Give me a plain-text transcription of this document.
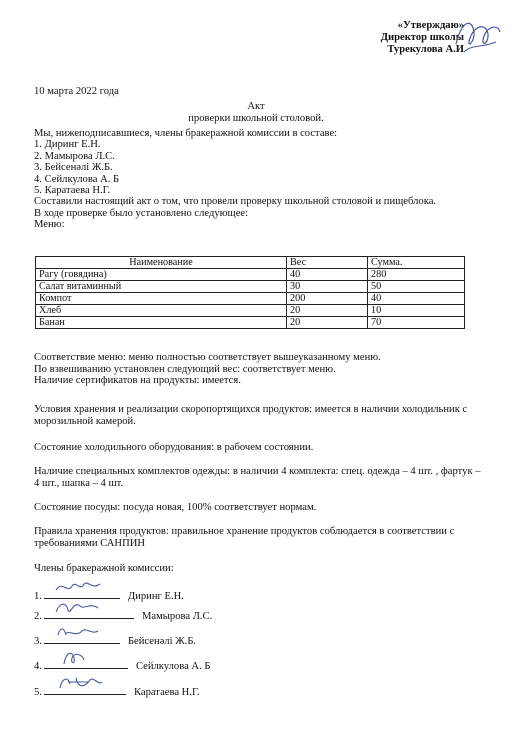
«Утверждаю»
Директор школы
Турекулова А.И
10 марта 2022 года
Акт
проверки школьной столовой.
Мы, нижеподписавшиеся, члены бракеражной комиссии в составе:
1. Диринг Е.Н.
2. Мамырова Л.С.
3. Бейсенәлі Ж.Б.
4. Сейлкулова А. Б
5. Каратаева Н.Г.
Составили настоящий акт о том, что провели проверку школьной столовой и пищеблока.
В ходе проверке было установлено следующее:
Меню:
Наименование	Вес	Сумма.
Рагу (говядина)	40	280
Салат витаминный	30	50
Компот	200	40
Хлеб	20	10
Банан	20	70
Соответствие меню: меню полностью соответствует вышеуказанному меню.
По взвешиванию установлен следующий вес: соответствует меню.
Наличие сертификатов на продукты: имеется.
Условия хранения и реализации скоропортящихся продуктов: имеется в наличии холодильник с
морозильной камерой.
Состояние холодильного оборудования: в рабочем состоянии.
Наличие специальных комплектов одежды: в наличии 4 комплекта: спец. одежда – 4 шт. , фартук –
4 шт., шапка – 4 шт.
Состояние посуды: посуда новая, 100% соответствует нормам.
Правила хранения продуктов: правильное хранение продуктов соблюдается в соответствии с
требованиями САНПИН
Члены бракеражной комиссии:
1.	Диринг Е.Н.
2.	Мамырова Л.С.
3.	Бейсенәлі Ж.Б.
4.	Сейлкулова А. Б
5.	Каратаева Н.Г.
